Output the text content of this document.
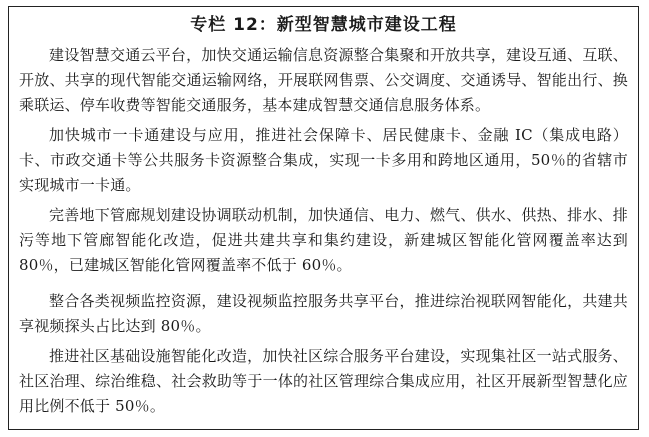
专栏 12：新型智慧城市建设工程

建设智慧交通云平台，加快交通运输信息资源整合集聚和开放共享，建设互通、互联、开放、共享的现代智能交通运输网络，开展联网售票、公交调度、交通诱导、智能出行、换乘联运、停车收费等智能交通服务，基本建成智慧交通信息服务体系。

加快城市一卡通建设与应用，推进社会保障卡、居民健康卡、金融 IC（集成电路）卡、市政交通卡等公共服务卡资源整合集成，实现一卡多用和跨地区通用，50％的省辖市实现城市一卡通。

完善地下管廊规划建设协调联动机制，加快通信、电力、燃气、供水、供热、排水、排污等地下管廊智能化改造，促进共建共享和集约建设，新建城区智能化管网覆盖率达到 80％，已建城区智能化管网覆盖率不低于 60％。

整合各类视频监控资源，建设视频监控服务共享平台，推进综治视联网智能化，共建共享视频探头占比达到 80％。

推进社区基础设施智能化改造，加快社区综合服务平台建设，实现集社区一站式服务、社区治理、综治维稳、社会救助等于一体的社区管理综合集成应用，社区开展新型智慧化应用比例不低于 50％。
